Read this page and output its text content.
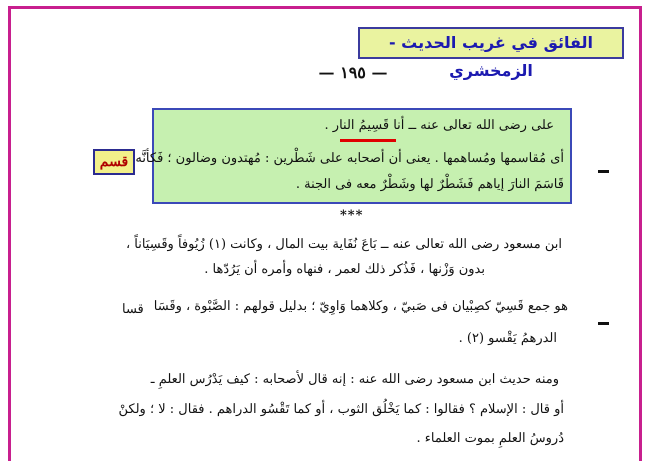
الفائق في غريب الحديث - الزمخشري
— ١٩٥ —
على رضى الله تعالى عنه ــ أنا قَسِيمُ النار .
أى مُقاسمها ومُساهمها . يعنى أن أصحابه على شَطْرين : مُهتدون وضالون ؛ فَكأنَّه
قَاسَمَ النارَ إياهم فَشَطْرٌ لها وشَطْرٌ معه فى الجنة .
قسم
***
ابن مسعود رضى الله تعالى عنه ــ بَاعَ نُفَاية بيت المال ، وكانت (١) زُيُوفاً وقَسِيَاناً ،
بدون وَزْنها ، فَذُكر ذلك لعمر ، فنهاه وأمره أن يَرُدّها .
هو جمع قَسِيّ كصِبْيان فى صَبيّ ، وكلاهما وَاوِيّ ؛ بدليل قولهم : الصَّبْوة ، وقَسَا
الدرهمُ يَقْسو (٢) .
قسا
ومنه حديث ابن مسعود رضى الله عنه : إنه قال لأصحابه : كيف يَدْرُس العلمِ ـ
أو قال : الإسلام ؟ فقالوا : كما يَخْلُق الثوب ، أو كما تَقْسُو الدراهم . فقال : لا ؛ ولكنْ
دُروسُ العلمِ بموت العلماء .
